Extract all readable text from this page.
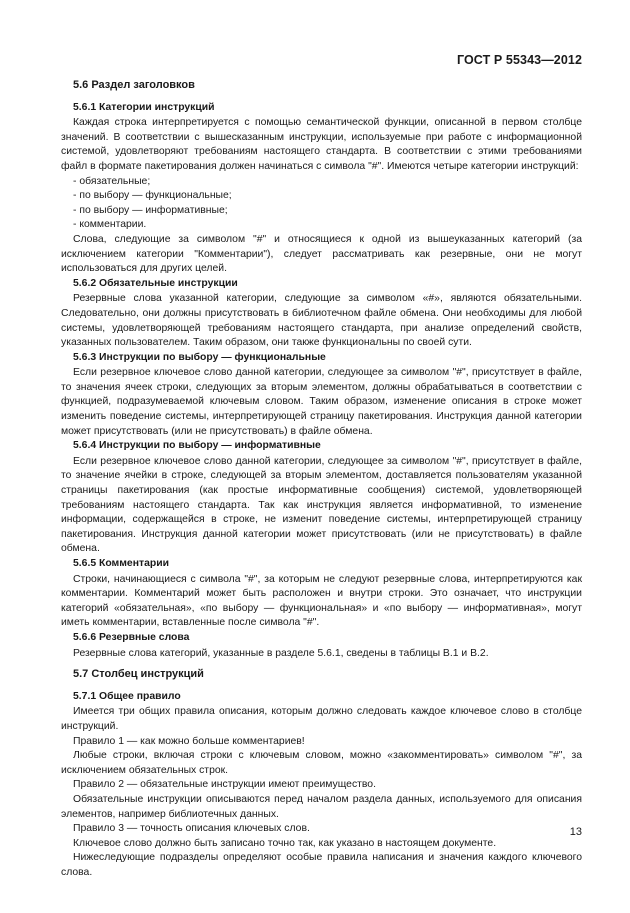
ГОСТ Р 55343—2012
5.6 Раздел заголовков
5.6.1 Категории инструкций

Каждая строка интерпретируется с помощью семантической функции, описанной в первом столбце значений. В соответствии с вышесказанным инструкции, используемые при работе с информационной системой, удовлетворяют требованиям настоящего стандарта. В соответствии с этими требованиями файл в формате пакетирования должен начинаться с символа "#". Имеются четыре категории инструкций:

- обязательные;
- по выбору — функциональные;
- по выбору — информативные;
- комментарии.

Слова, следующие за символом "#" и относящиеся к одной из вышеуказанных категорий (за исключением категории "Комментарии"), следует рассматривать как резервные, они не могут использоваться для других целей.

5.6.2 Обязательные инструкции

Резервные слова указанной категории, следующие за символом «#», являются обязательными. Следовательно, они должны присутствовать в библиотечном файле обмена. Они необходимы для любой системы, удовлетворяющей требованиям настоящего стандарта, при анализе определений свойств, указанных пользователем. Таким образом, они также функциональны по своей сути.

5.6.3 Инструкции по выбору — функциональные

Если резервное ключевое слово данной категории, следующее за символом "#", присутствует в файле, то значения ячеек строки, следующих за вторым элементом, должны обрабатываться в соответствии с функцией, подразумеваемой ключевым словом. Таким образом, изменение описания в строке может изменить поведение системы, интерпретирующей страницу пакетирования. Инструкция данной категории может присутствовать (или не присутствовать) в файле обмена.

5.6.4 Инструкции по выбору — информативные

Если резервное ключевое слово данной категории, следующее за символом "#", присутствует в файле, то значение ячейки в строке, следующей за вторым элементом, доставляется пользователям указанной страницы пакетирования (как простые информативные сообщения) системой, удовлетворяющей требованиям настоящего стандарта. Так как инструкция является информативной, то изменение информации, содержащейся в строке, не изменит поведение системы, интерпретирующей страницу пакетирования. Инструкция данной категории может присутствовать (или не присутствовать) в файле обмена.

5.6.5 Комментарии

Строки, начинающиеся с символа "#", за которым не следуют резервные слова, интерпретируются как комментарии. Комментарий может быть расположен и внутри строки. Это означает, что инструкции категорий «обязательная», «по выбору — функциональная» и «по выбору — информативная», могут иметь комментарии, вставленные после символа "#".

5.6.6 Резервные слова

Резервные слова категорий, указанные в разделе 5.6.1, сведены в таблицы В.1 и В.2.

5.7 Столбец инструкций
5.7.1 Общее правило

Имеется три общих правила описания, которым должно следовать каждое ключевое слово в столбце инструкций.

Правило 1 — как можно больше комментариев!

Любые строки, включая строки с ключевым словом, можно «закомментировать» символом "#", за исключением обязательных строк.

Правило 2 — обязательные инструкции имеют преимущество.

Обязательные инструкции описываются перед началом раздела данных, используемого для описания элементов, например библиотечных данных.

Правило 3 — точность описания ключевых слов.

Ключевое слово должно быть записано точно так, как указано в настоящем документе.

Нижеследующие подразделы определяют особые правила написания и значения каждого ключевого слова.

13
